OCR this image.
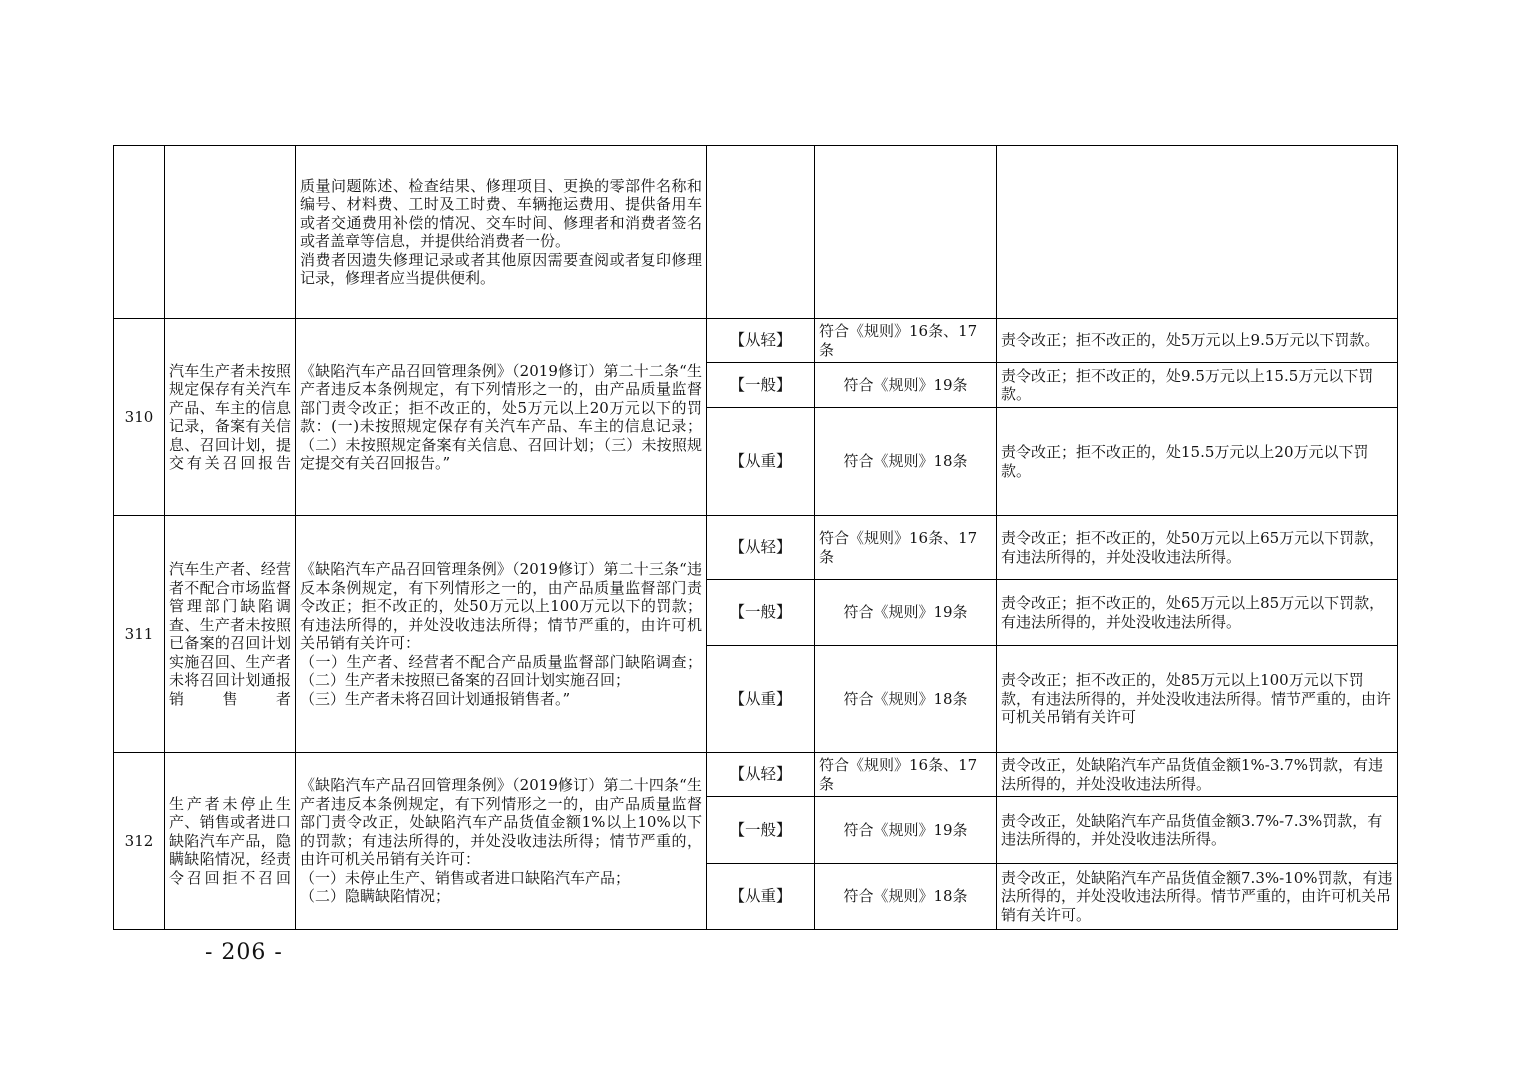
		质量问题陈述、检查结果、修理项目、更换的零部件名称和编号、材料费、工时及工时费、车辆拖运费用、提供备用车或者交通费用补偿的情况、交车时间、修理者和消费者签名或者盖章等信息，并提供给消费者一份。
消费者因遗失修理记录或者其他原因需要查阅或者复印修理记录，修理者应当提供便利。			

310	汽车生产者未按照规定保存有关汽车产品、车主的信息记录，备案有关信息、召回计划，提交有关召回报告	《缺陷汽车产品召回管理条例》（2019修订）第二十二条“生产者违反本条例规定，有下列情形之一的，由产品质量监督部门责令改正；拒不改正的，处5万元以上20万元以下的罚款：(一)未按照规定保存有关汽车产品、车主的信息记录；（二）未按照规定备案有关信息、召回计划；（三）未按照规定提交有关召回报告。”	【从轻】	符合《规则》16条、17条	责令改正；拒不改正的，处5万元以上9.5万元以下罚款。
			【一般】	符合《规则》19条	责令改正；拒不改正的，处9.5万元以上15.5万元以下罚款。
			【从重】	符合《规则》18条	责令改正；拒不改正的，处15.5万元以上20万元以下罚款。
311	汽车生产者、经营者不配合市场监督管理部门缺陷调查、生产者未按照已备案的召回计划实施召回、生产者未将召回计划通报销售者	《缺陷汽车产品召回管理条例》（2019修订）第二十三条“违反本条例规定，有下列情形之一的，由产品质量监督部门责令改正；拒不改正的，处50万元以上100万元以下的罚款；有违法所得的，并处没收违法所得；情节严重的，由许可机关吊销有关许可：
（一）生产者、经营者不配合产品质量监督部门缺陷调查；（二）生产者未按照已备案的召回计划实施召回；
（三）生产者未将召回计划通报销售者。”	【从轻】	符合《规则》16条、17条	责令改正；拒不改正的，处50万元以上65万元以下罚款，有违法所得的，并处没收违法所得。
			【一般】	符合《规则》19条	责令改正；拒不改正的，处65万元以上85万元以下罚款，有违法所得的，并处没收违法所得。
			【从重】	符合《规则》18条	责令改正；拒不改正的，处85万元以上100万元以下罚款，有违法所得的，并处没收违法所得。情节严重的，由许可机关吊销有关许可
312	生产者未停止生产、销售或者进口缺陷汽车产品，隐瞒缺陷情况，经责令召回拒不召回	《缺陷汽车产品召回管理条例》（2019修订）第二十四条“生产者违反本条例规定，有下列情形之一的，由产品质量监督部门责令改正，处缺陷汽车产品货值金额1%以上10%以下的罚款；有违法所得的，并处没收违法所得；情节严重的，由许可机关吊销有关许可：
（一）未停止生产、销售或者进口缺陷汽车产品；
（二）隐瞒缺陷情况；	【从轻】	符合《规则》16条、17条	责令改正，处缺陷汽车产品货值金额1%-3.7%罚款，有违法所得的，并处没收违法所得。
			【一般】	符合《规则》19条	责令改正，处缺陷汽车产品货值金额3.7%-7.3%罚款，有违法所得的，并处没收违法所得。
			【从重】	符合《规则》18条	责令改正，处缺陷汽车产品货值金额7.3%-10%罚款，有违法所得的，并处没收违法所得。情节严重的，由许可机关吊销有关许可。
- 206 -
